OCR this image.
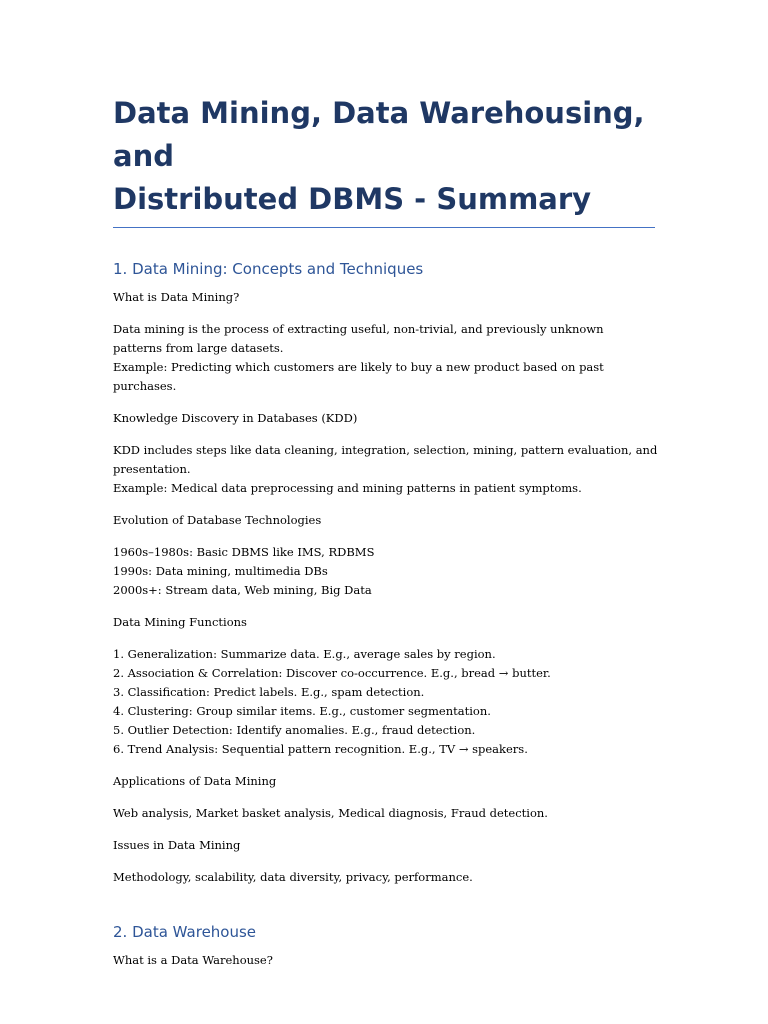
Data Mining, Data Warehousing, and
Distributed DBMS - Summary
1. Data Mining: Concepts and Techniques

What is Data Mining?

Data mining is the process of extracting useful, non-trivial, and previously unknown
patterns from large datasets.
Example: Predicting which customers are likely to buy a new product based on past
purchases.

Knowledge Discovery in Databases (KDD)

KDD includes steps like data cleaning, integration, selection, mining, pattern evaluation, and
presentation.
Example: Medical data preprocessing and mining patterns in patient symptoms.

Evolution of Database Technologies

1960s–1980s: Basic DBMS like IMS, RDBMS
1990s: Data mining, multimedia DBs
2000s+: Stream data, Web mining, Big Data

Data Mining Functions

1. Generalization: Summarize data. E.g., average sales by region.
2. Association & Correlation: Discover co-occurrence. E.g., bread → butter.
3. Classification: Predict labels. E.g., spam detection.
4. Clustering: Group similar items. E.g., customer segmentation.
5. Outlier Detection: Identify anomalies. E.g., fraud detection.
6. Trend Analysis: Sequential pattern recognition. E.g., TV → speakers.

Applications of Data Mining

Web analysis, Market basket analysis, Medical diagnosis, Fraud detection.

Issues in Data Mining

Methodology, scalability, data diversity, privacy, performance.

2. Data Warehouse

What is a Data Warehouse?
